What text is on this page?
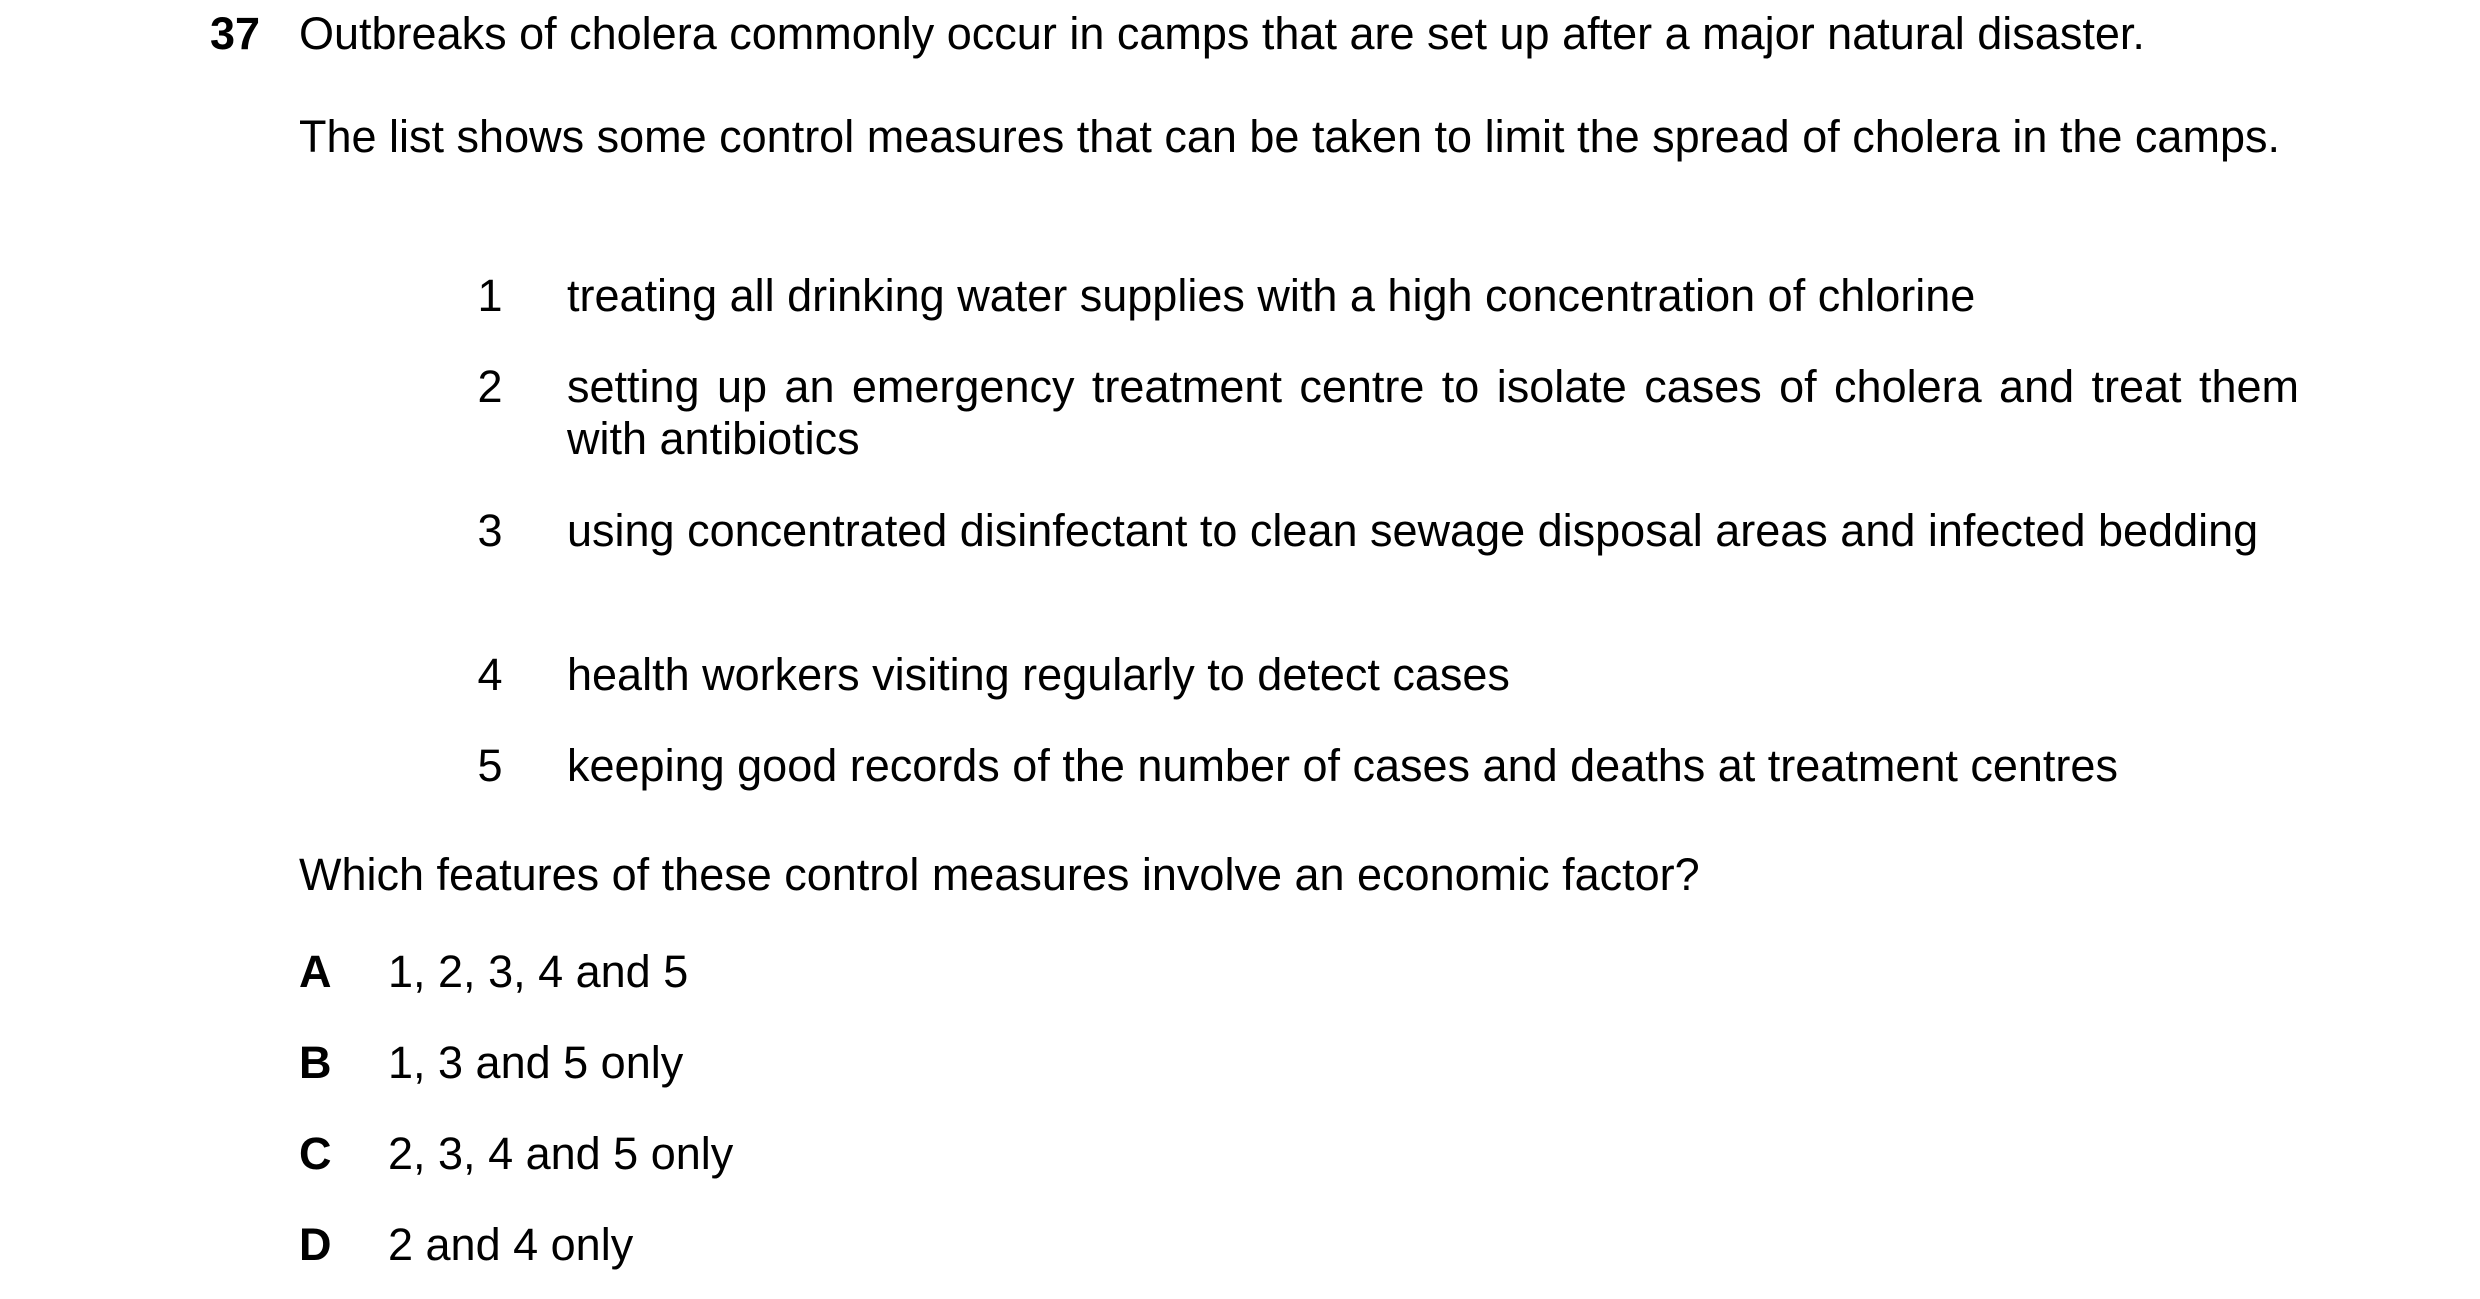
37 Outbreaks of cholera commonly occur in camps that are set up after a major natural disaster.
The list shows some control measures that can be taken to limit the spread of cholera in the camps.
1 treating all drinking water supplies with a high concentration of chlorine
2 setting up an emergency treatment centre to isolate cases of cholera and treat them with antibiotics
3 using concentrated disinfectant to clean sewage disposal areas and infected bedding
4 health workers visiting regularly to detect cases
5 keeping good records of the number of cases and deaths at treatment centres
Which features of these control measures involve an economic factor?
A 1, 2, 3, 4 and 5
B 1, 3 and 5 only
C 2, 3, 4 and 5 only
D 2 and 4 only
